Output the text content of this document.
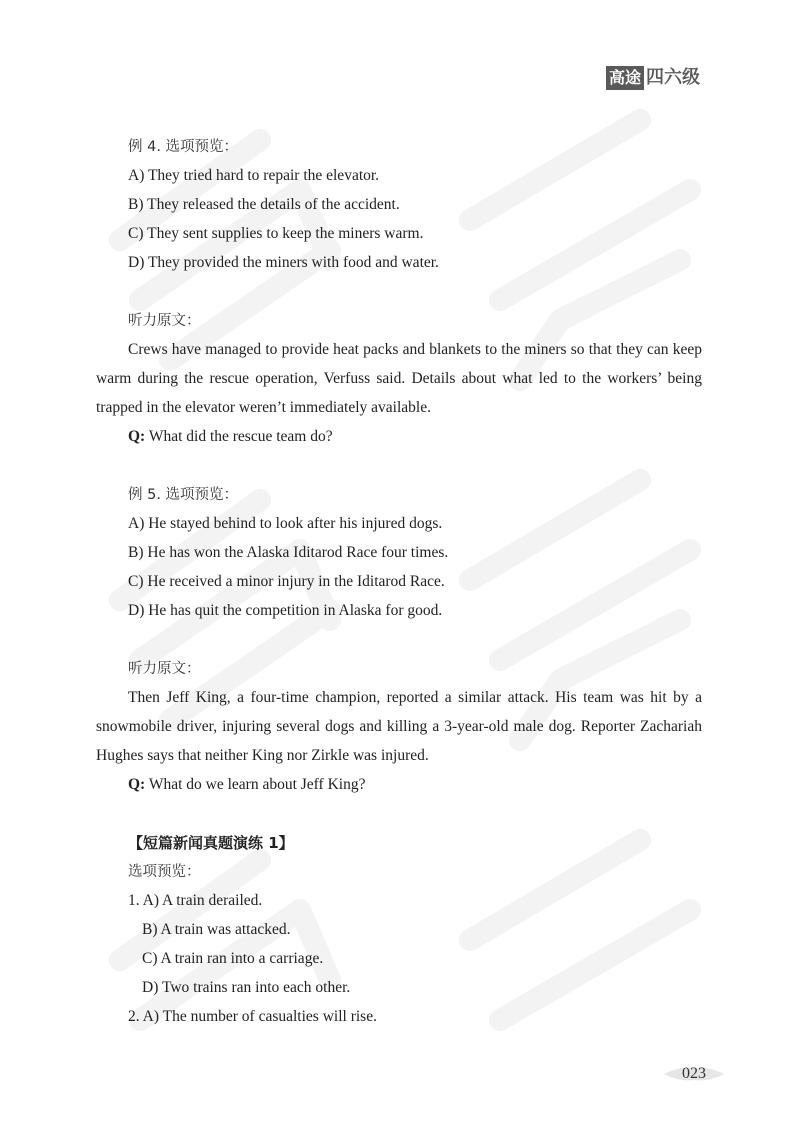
高途 四六级
例 4. 选项预览：
A) They tried hard to repair the elevator.
B) They released the details of the accident.
C) They sent supplies to keep the miners warm.
D) They provided the miners with food and water.
听力原文：
Crews have managed to provide heat packs and blankets to the miners so that they can keep warm during the rescue operation, Verfuss said. Details about what led to the workers’ being trapped in the elevator weren’t immediately available.
Q: What did the rescue team do?
例 5. 选项预览：
A) He stayed behind to look after his injured dogs.
B) He has won the Alaska Iditarod Race four times.
C) He received a minor injury in the Iditarod Race.
D) He has quit the competition in Alaska for good.
听力原文：
Then Jeff King, a four-time champion, reported a similar attack. His team was hit by a snowmobile driver, injuring several dogs and killing a 3-year-old male dog. Reporter Zachariah Hughes says that neither King nor Zirkle was injured.
Q: What do we learn about Jeff King?
【短篇新闻真题演练 1】
选项预览：
1. A) A train derailed.
B) A train was attacked.
C) A train ran into a carriage.
D) Two trains ran into each other.
2. A) The number of casualties will rise.
023
